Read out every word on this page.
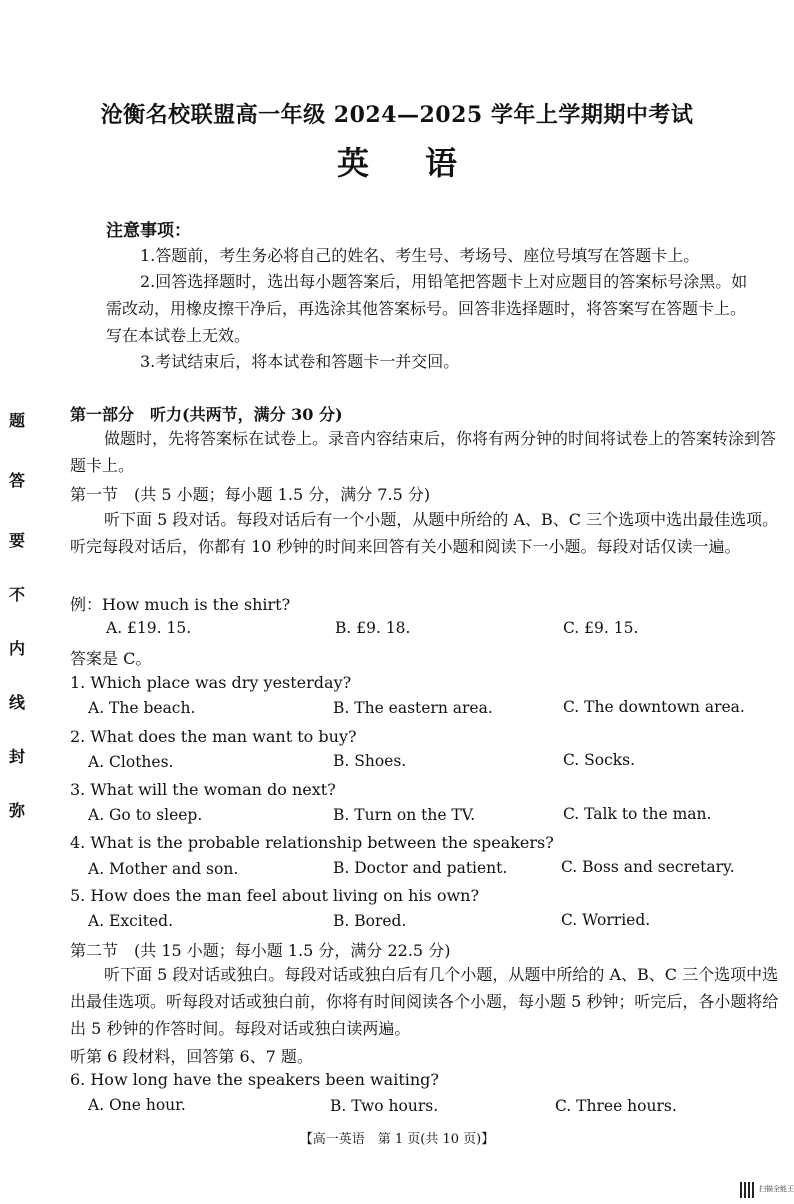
沧衡名校联盟高一年级 2024—2025 学年上学期期中考试
英语
注意事项：
1.答题前，考生务必将自己的姓名、考生号、考场号、座位号填写在答题卡上。
2.回答选择题时，选出每小题答案后，用铅笔把答题卡上对应题目的答案标号涂黑。如需改动，用橡皮擦干净后，再选涂其他答案标号。回答非选择题时，将答案写在答题卡上。写在本试卷上无效。
3.考试结束后，将本试卷和答题卡一并交回。
题
答
要
不
内
线
封
弥
第一部分　听力(共两节，满分 30 分)
做题时，先将答案标在试卷上。录音内容结束后，你将有两分钟的时间将试卷上的答案转涂到答题卡上。
第一节　(共 5 小题；每小题 1.5 分，满分 7.5 分)
听下面 5 段对话。每段对话后有一个小题，从题中所给的 A、B、C 三个选项中选出最佳选项。听完每段对话后，你都有 10 秒钟的时间来回答有关小题和阅读下一小题。每段对话仅读一遍。
例：How much is the shirt?
A. £19. 15.	B. £9. 18.	C. £9. 15.
答案是 C。
1. Which place was dry yesterday?
A. The beach.	B. The eastern area.	C. The downtown area.
2. What does the man want to buy?
A. Clothes.	B. Shoes.	C. Socks.
3. What will the woman do next?
A. Go to sleep.	B. Turn on the TV.	C. Talk to the man.
4. What is the probable relationship between the speakers?
A. Mother and son.	B. Doctor and patient.	C. Boss and secretary.
5. How does the man feel about living on his own?
A. Excited.	B. Bored.	C. Worried.
第二节　(共 15 小题；每小题 1.5 分，满分 22.5 分)
听下面 5 段对话或独白。每段对话或独白后有几个小题，从题中所给的 A、B、C 三个选项中选出最佳选项。听每段对话或独白前，你将有时间阅读各个小题，每小题 5 秒钟；听完后，各小题将给出 5 秒钟的作答时间。每段对话或独白读两遍。
听第 6 段材料，回答第 6、7 题。
6. How long have the speakers been waiting?
A. One hour.	B. Two hours.	C. Three hours.
【高一英语　第 1 页(共 10 页)】
扫描全能王
